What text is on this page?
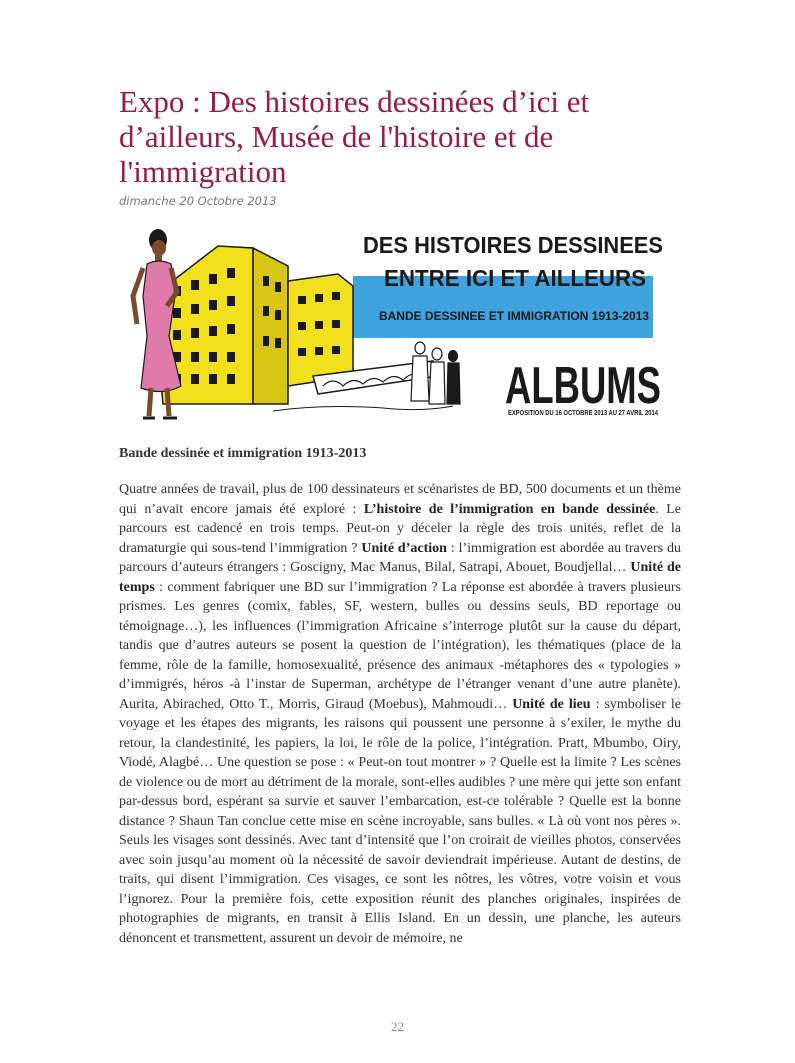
Expo : Des histoires dessinées d’ici et d’ailleurs, Musée de l'histoire et de l'immigration
dimanche 20 Octobre 2013
DES HISTOIRES DESSINEES
ENTRE ICI ET AILLEURS
BANDE DESSINEE ET IMMIGRATION 1913-2013
ALBUMS
EXPOSITION DU 16 OCTOBRE 2013 AU 27 AVRIL 2014
Bande dessinée et immigration 1913-2013
Quatre années de travail, plus de 100 dessinateurs et scénaristes de BD, 500 documents et un thème qui n’avait encore jamais été exploré : L’histoire de l’immigration en bande dessinée. Le parcours est cadencé en trois temps. Peut-on y déceler la règle des trois unités, reflet de la dramaturgie qui sous-tend l’immigration ? Unité d’action : l’immigration est abordée au travers du parcours d’auteurs étrangers : Goscigny, Mac Manus, Bilal, Satrapi, Abouet, Boudjellal… Unité de temps : comment fabriquer une BD sur l’immigration ? La réponse est abordée à travers plusieurs prismes. Les genres (comix, fables, SF, western, bulles ou dessins seuls, BD reportage ou témoignage…), les influences (l’immigration Africaine s’interroge plutôt sur la cause du départ, tandis que d’autres auteurs se posent la question de l’intégration), les thématiques (place de la femme, rôle de la famille, homosexualité, présence des animaux -métaphores des « typologies » d’immigrés, héros -à l’instar de Superman, archétype de l’étranger venant d’une autre planète). Aurita, Abirached, Otto T., Morris, Giraud (Moebus), Mahmoudi… Unité de lieu : symboliser le voyage et les étapes des migrants, les raisons qui poussent une personne à s’exiler, le mythe du retour, la clandestinité, les papiers, la loi, le rôle de la police, l’intégration. Pratt, Mbumbo, Oiry, Viodé, Alagbé… Une question se pose : « Peut-on tout montrer » ? Quelle est la limite ? Les scènes de violence ou de mort au détriment de la morale, sont-elles audibles ? une mère qui jette son enfant par-dessus bord, espérant sa survie et sauver l’embarcation, est-ce tolérable ? Quelle est la bonne distance ? Shaun Tan conclue cette mise en scène incroyable, sans bulles. « Là où vont nos pères ». Seuls les visages sont dessinés. Avec tant d’intensité que l’on croirait de vieilles photos, conservées avec soin jusqu’au moment où la nécessité de savoir deviendrait impérieuse. Autant de destins, de traits, qui disent l’immigration. Ces visages, ce sont les nôtres, les vôtres, votre voisin et vous l’ignorez. Pour la première fois, cette exposition réunit des planches originales, inspirées de photographies de migrants, en transit à Ellis Island. En un dessin, une planche, les auteurs dénoncent et transmettent, assurent un devoir de mémoire, ne
22
